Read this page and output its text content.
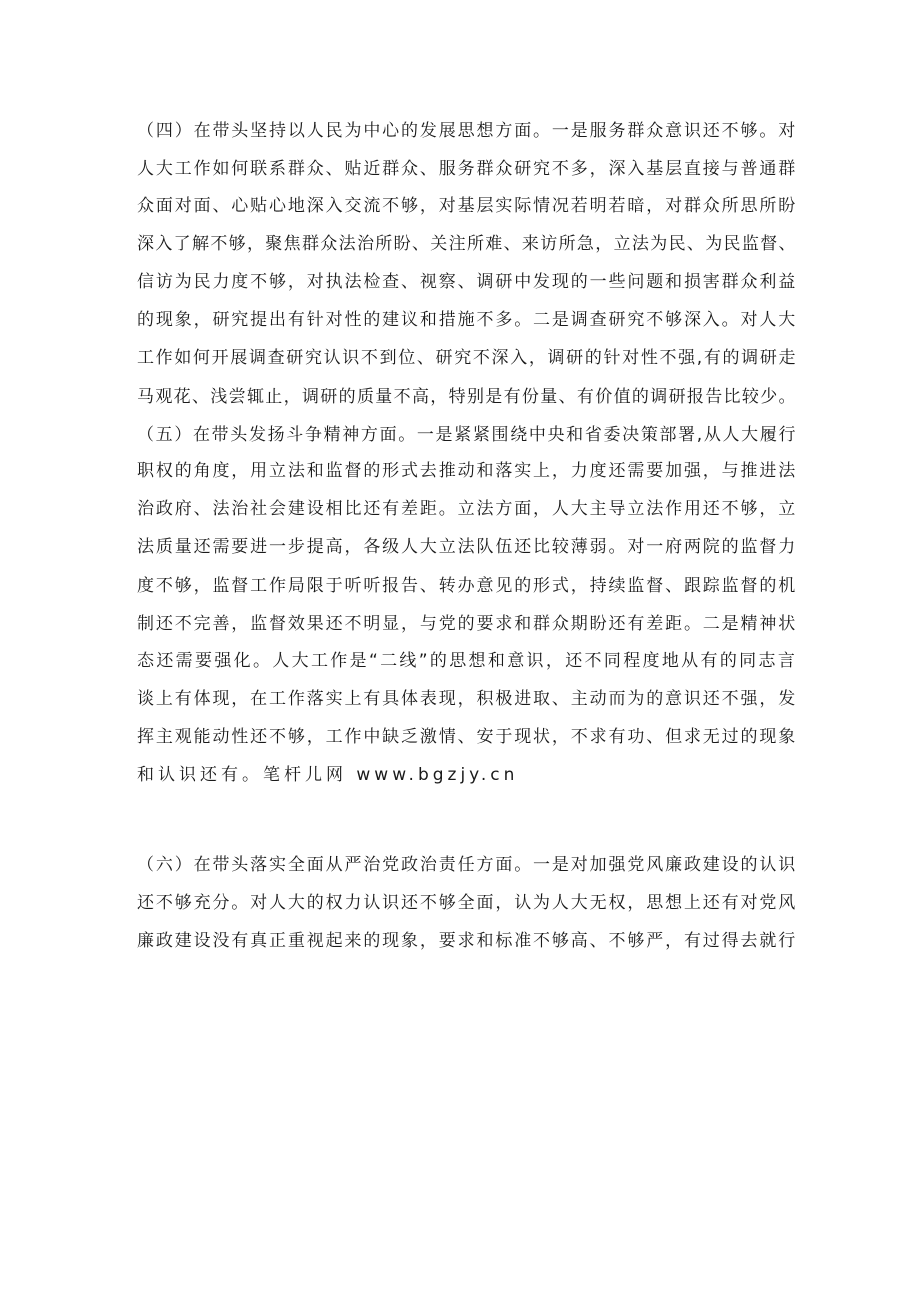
（四）在带头坚持以人民为中心的发展思想方面。一是服务群众意识还不够。对
人大工作如何联系群众、贴近群众、服务群众研究不多，深入基层直接与普通群
众面对面、心贴心地深入交流不够，对基层实际情况若明若暗，对群众所思所盼
深入了解不够，聚焦群众法治所盼、关注所难、来访所急，立法为民、为民监督、
信访为民力度不够，对执法检查、视察、调研中发现的一些问题和损害群众利益
的现象，研究提出有针对性的建议和措施不多。二是调查研究不够深入。对人大
工作如何开展调查研究认识不到位、研究不深入，调研的针对性不强,有的调研走
马观花、浅尝辄止，调研的质量不高，特别是有份量、有价值的调研报告比较少。
（五）在带头发扬斗争精神方面。一是紧紧围绕中央和省委决策部署,从人大履行
职权的角度，用立法和监督的形式去推动和落实上，力度还需要加强，与推进法
治政府、法治社会建设相比还有差距。立法方面，人大主导立法作用还不够，立
法质量还需要进一步提高，各级人大立法队伍还比较薄弱。对一府两院的监督力
度不够，监督工作局限于听听报告、转办意见的形式，持续监督、跟踪监督的机
制还不完善，监督效果还不明显，与党的要求和群众期盼还有差距。二是精神状
态还需要强化。人大工作是“二线”的思想和意识，还不同程度地从有的同志言
谈上有体现，在工作落实上有具体表现，积极进取、主动而为的意识还不强，发
挥主观能动性还不够，工作中缺乏激情、安于现状，不求有功、但求无过的现象
和认识还有。笔杆儿网 www.bgzjy.cn
（六）在带头落实全面从严治党政治责任方面。一是对加强党风廉政建设的认识
还不够充分。对人大的权力认识还不够全面，认为人大无权，思想上还有对党风
廉政建设没有真正重视起来的现象，要求和标准不够高、不够严，有过得去就行
